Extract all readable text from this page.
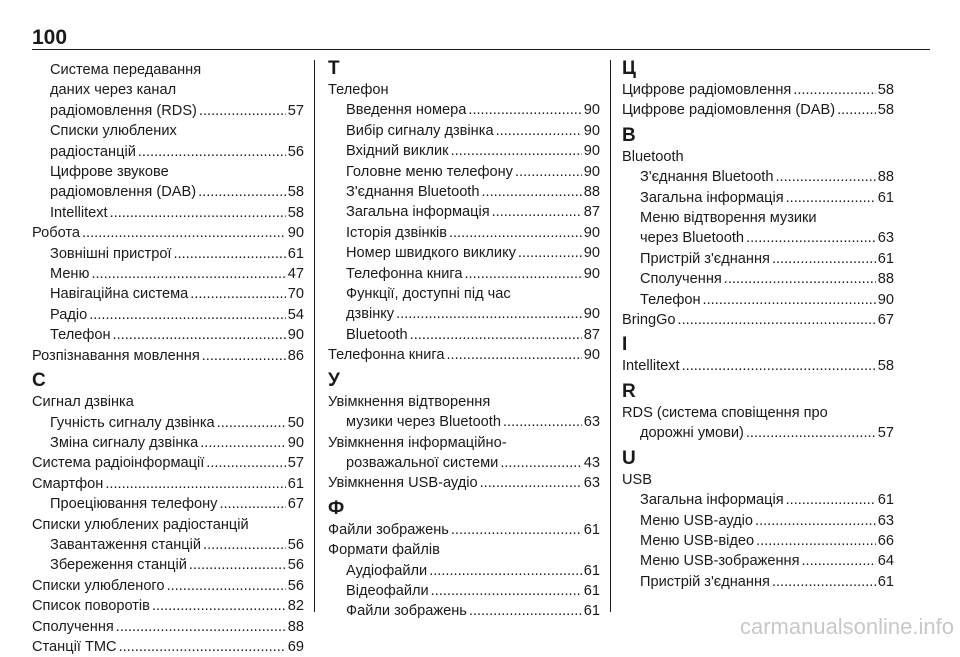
100
Система передавання
даних через канал
радіомовлення (RDS) .....	57
Списки улюблених
радіостанцій .....	56
Цифрове звукове
радіомовлення (DAB) .....	58
Intellitext .....	58
Робота .....	90
Зовнішні пристрої .....	61
Меню .....	47
Навігаційна система .....	70
Радіо .....	54
Телефон .....	90
Розпізнавання мовлення .....	86
С
Сигнал дзвінка
Гучність сигналу дзвінка .....	50
Зміна сигналу дзвінка .....	90
Система радіоінформації .....	57
Смартфон .....	61
Проеціювання телефону .....	67
Списки улюблених радіостанцій
Завантаження станцій .....	56
Збереження станцій .....	56
Списки улюбленого .....	56
Список поворотів .....	82
Сполучення .....	88
Станції TMC .....	69
Т
Телефон
Введення номера .....	90
Вибір сигналу дзвінка .....	90
Вхідний виклик .....	90
Головне меню телефону .....	90
З'єднання Bluetooth .....	88
Загальна інформація .....	87
Історія дзвінків .....	90
Номер швидкого виклику .....	90
Телефонна книга .....	90
Функції, доступні під час
дзвінку .....	90
Bluetooth .....	87
Телефонна книга .....	90
У
Увімкнення відтворення
музики через Bluetooth .....	63
Увімкнення інформаційно-
розважальної системи .....	43
Увімкнення USB-аудіо .....	63
Ф
Файли зображень .....	61
Формати файлів
Аудіофайли .....	61
Відеофайли .....	61
Файли зображень .....	61
Ц
Цифрове радіомовлення .....	58
Цифрове радіомовлення (DAB) .....	58
B
Bluetooth
З'єднання Bluetooth .....	88
Загальна інформація .....	61
Меню відтворення музики
через Bluetooth .....	63
Пристрій з'єднання .....	61
Сполучення .....	88
Телефон .....	90
BringGo .....	67
I
Intellitext .....	58
R
RDS (система сповіщення про
дорожні умови) .....	57
U
USB
Загальна інформація .....	61
Меню USB-аудіо .....	63
Меню USB-відео .....	66
Меню USB-зображення .....	64
Пристрій з'єднання .....	61
carmanualsonline.info
